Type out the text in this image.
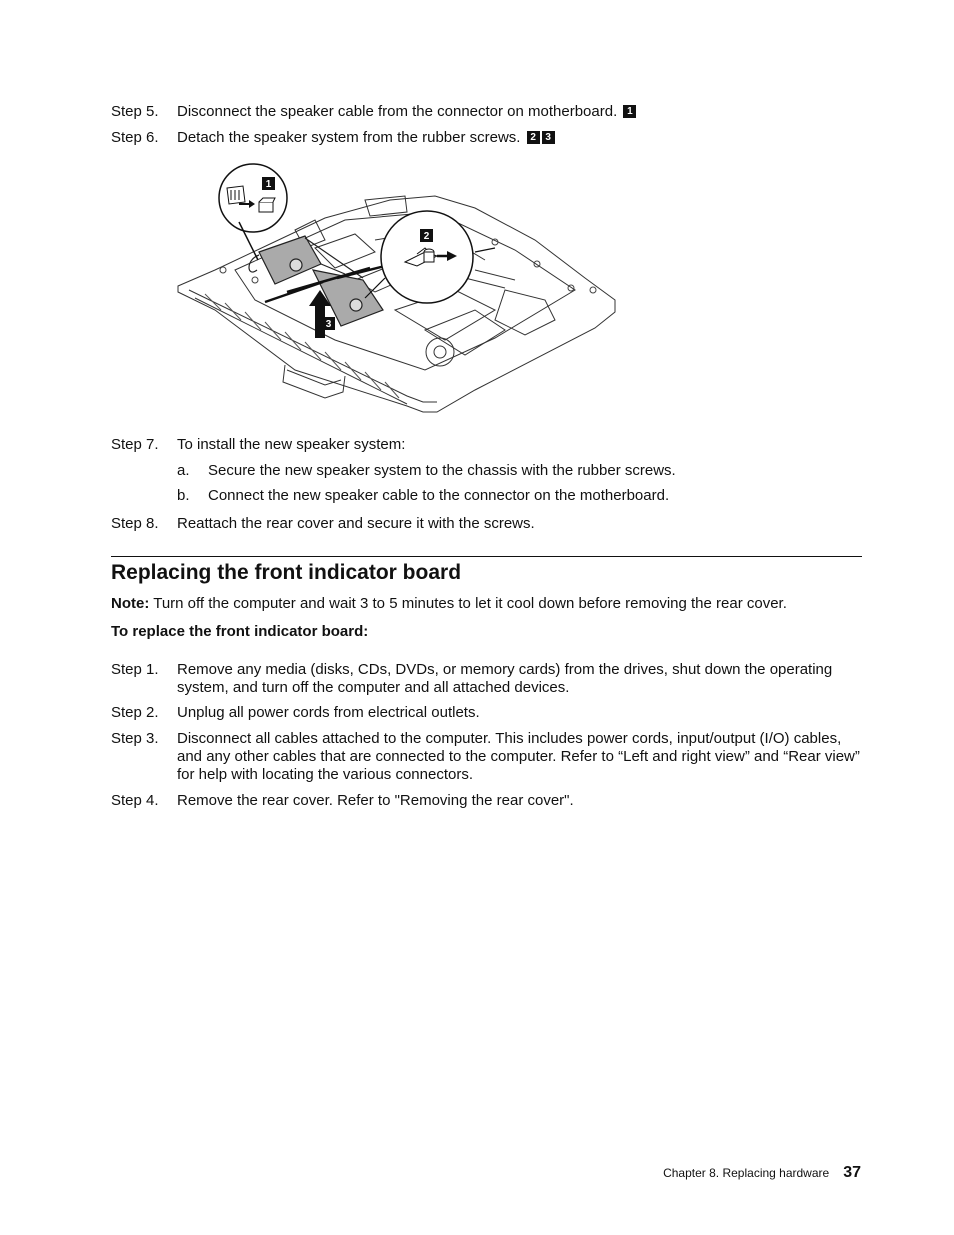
Step 5. Disconnect the speaker cable from the connector on motherboard. 1
Step 6. Detach the speaker system from the rubber screws. 2 3
1
2
3
Step 7. To install the new speaker system:
a. Secure the new speaker system to the chassis with the rubber screws.
b. Connect the new speaker cable to the connector on the motherboard.
Step 8. Reattach the rear cover and secure it with the screws.
Replacing the front indicator board
Note: Turn off the computer and wait 3 to 5 minutes to let it cool down before removing the rear cover.
To replace the front indicator board:
Step 1. Remove any media (disks, CDs, DVDs, or memory cards) from the drives, shut down the operating system, and turn off the computer and all attached devices.
Step 2. Unplug all power cords from electrical outlets.
Step 3. Disconnect all cables attached to the computer. This includes power cords, input/output (I/O) cables, and any other cables that are connected to the computer. Refer to “Left and right view” and “Rear view” for help with locating the various connectors.
Step 4. Remove the rear cover. Refer to "Removing the rear cover".
Chapter 8. Replacing hardware 37
